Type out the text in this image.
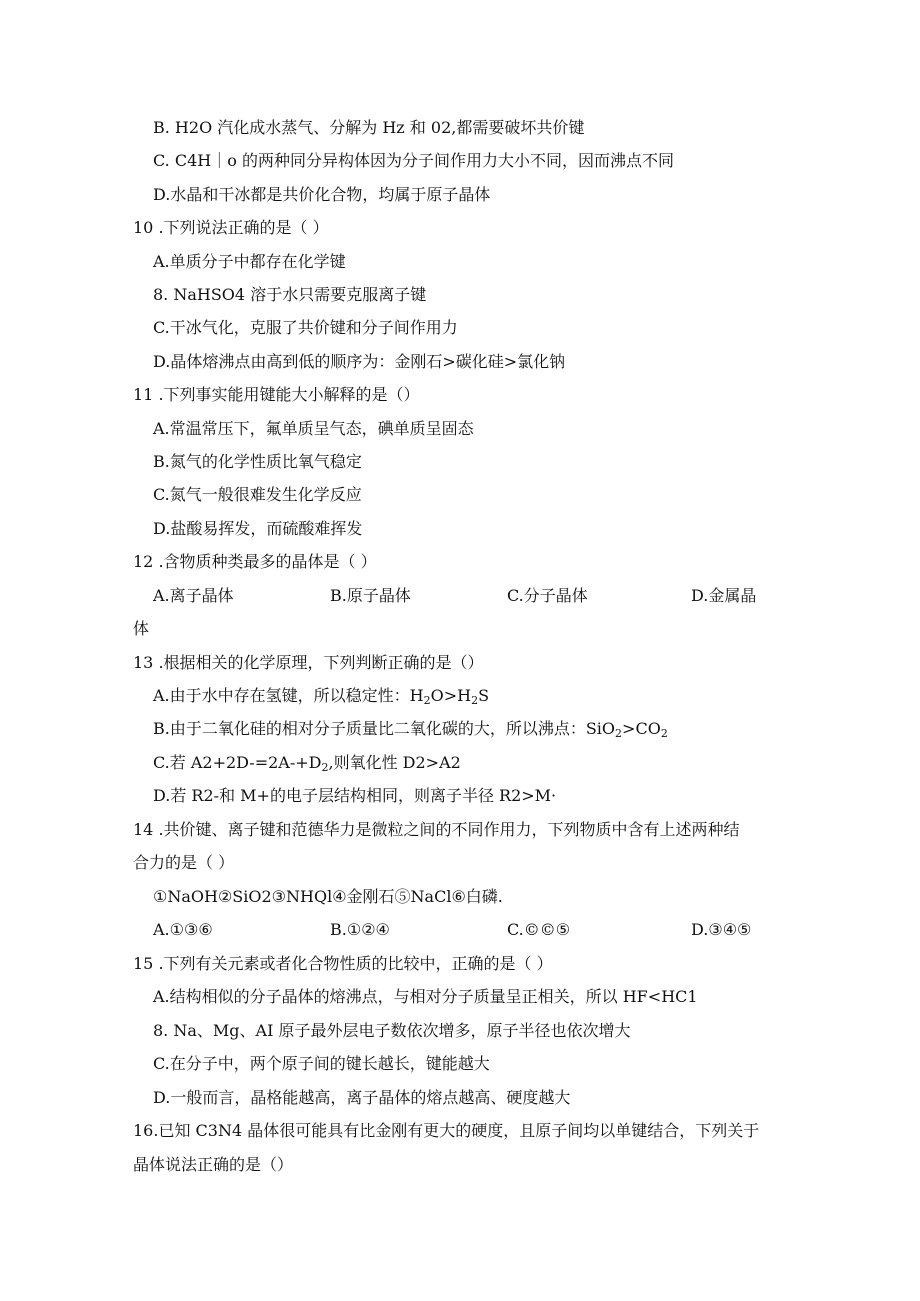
B. H2O 汽化成水蒸气、分解为 Hz 和 02,都需要破坏共价键
C. C4H｜o 的两种同分异构体因为分子间作用力大小不同，因而沸点不同
D.水晶和干冰都是共价化合物，均属于原子晶体
10 .下列说法正确的是（ ）
A.单质分子中都存在化学键
8. NaHSO4 溶于水只需要克服离子键
C.干冰气化，克服了共价键和分子间作用力
D.晶体熔沸点由高到低的顺序为：金刚石>碳化硅>氯化钠
11 .下列事实能用键能大小解释的是（）
A.常温常压下，氟单质呈气态，碘单质呈固态
B.氮气的化学性质比氧气稳定
C.氮气一般很难发生化学反应
D.盐酸易挥发，而硫酸难挥发
12 .含物质种类最多的晶体是（ ）
A.离子晶体	B.原子晶体	C.分子晶体	D.金属晶
体
13 .根据相关的化学原理，下列判断正确的是（）
A.由于水中存在氢键，所以稳定性：$H_2O>H_2S$
B.由于二氧化硅的相对分子质量比二氧化碳的大，所以沸点：$SiO_2>CO_2$
C.若 $A2+2D-=2A-+D_2$,则氧化性 D2>A2
D.若 R2-和 M+的电子层结构相同，则离子半径 R2>M·
14 .共价键、离子键和范德华力是微粒之间的不同作用力，下列物质中含有上述两种结
合力的是（ ）
①NaOH②SiO2③NHQl④金刚石⑤NaCl⑥白磷.
A.①③⑥	B.①②④	C.©©⑤	D.③④⑤
15 .下列有关元素或者化合物性质的比较中，正确的是（ ）
A.结构相似的分子晶体的熔沸点，与相对分子质量呈正相关，所以 HF<HC1
8. Na、Mg、AI 原子最外层电子数依次增多，原子半径也依次增大
C.在分子中，两个原子间的键长越长，键能越大
D.一般而言，晶格能越高，离子晶体的熔点越高、硬度越大
16.已知 C3N4 晶体很可能具有比金刚有更大的硬度，且原子间均以单键结合，下列关于
晶体说法正确的是（）
